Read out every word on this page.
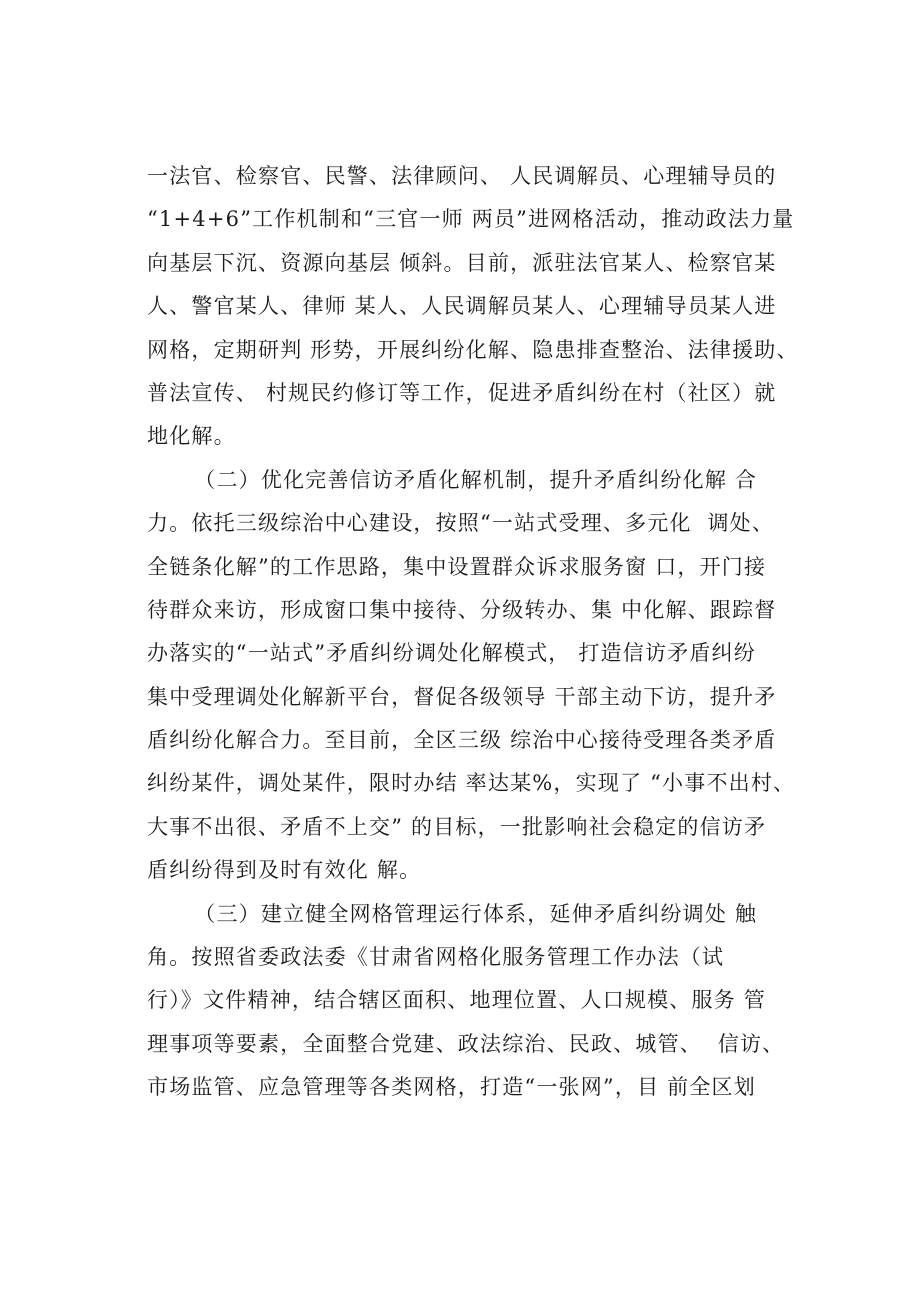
一法官、检察官、民警、法律顾问、 人民调解员、心理辅导员的
“1+4+6”工作机制和“三官一师 两员”进网格活动，推动政法力量
向基层下沉、资源向基层 倾斜。目前，派驻法官某人、检察官某
人、警官某人、律师 某人、人民调解员某人、心理辅导员某人进
网格，定期研判 形势，开展纠纷化解、隐患排查整治、法律援助、
普法宣传、 村规民约修订等工作，促进矛盾纠纷在村（社区）就
地化解。
（二）优化完善信访矛盾化解机制，提升矛盾纠纷化解 合
力。依托三级综治中心建设，按照“一站式受理、多元化  调处、
全链条化解”的工作思路，集中设置群众诉求服务窗 口，开门接
待群众来访，形成窗口集中接待、分级转办、集 中化解、跟踪督
办落实的“一站式”矛盾纠纷调处化解模式， 打造信访矛盾纠纷
集中受理调处化解新平台，督促各级领导 干部主动下访，提升矛
盾纠纷化解合力。至目前，全区三级 综治中心接待受理各类矛盾
纠纷某件，调处某件，限时办结 率达某%，实现了 “小事不出村、
大事不出很、矛盾不上交” 的目标，一批影响社会稳定的信访矛
盾纠纷得到及时有效化 解。
（三）建立健全网格管理运行体系，延伸矛盾纠纷调处 触
角。按照省委政法委《甘肃省网格化服务管理工作办法（试
行）》文件精神，结合辖区面积、地理位置、人口规模、服务 管
理事项等要素，全面整合党建、政法综治、民政、城管、  信访、
市场监管、应急管理等各类网格，打造“一张网”，目 前全区划
